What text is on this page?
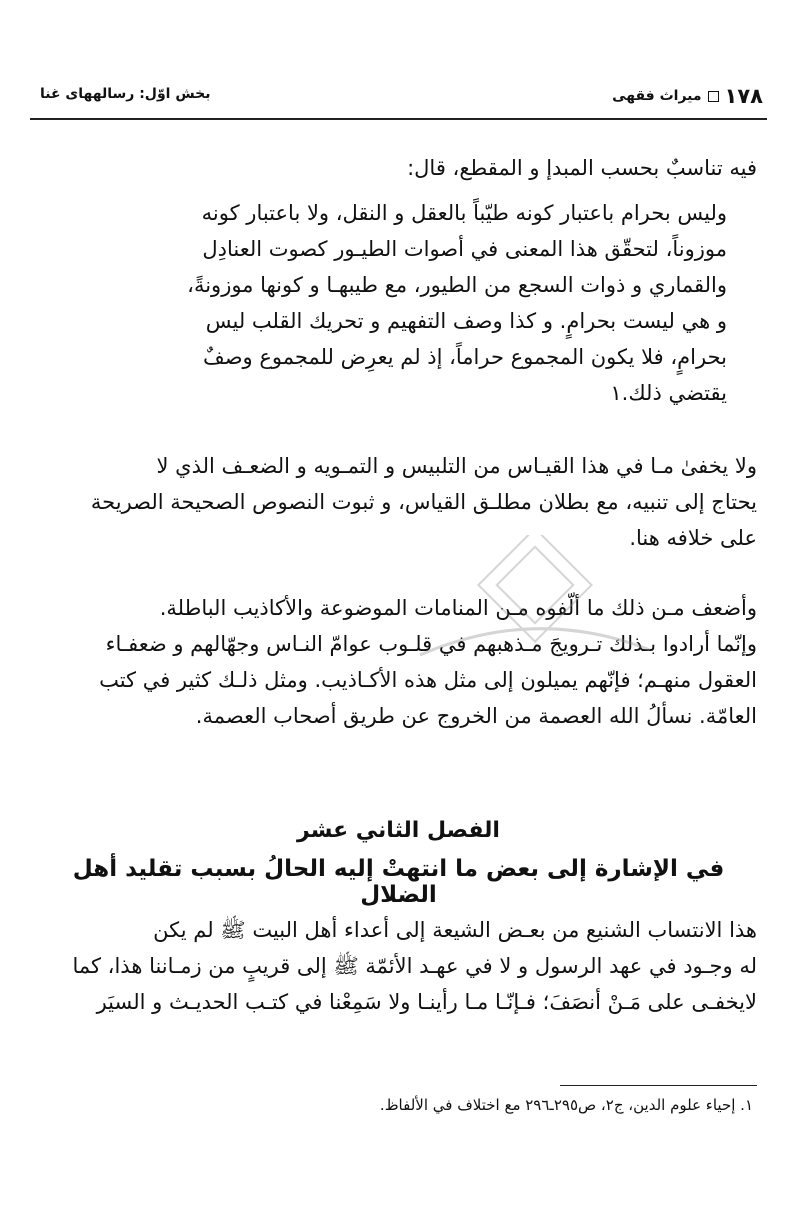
١٧٨
میراث فقهی
بخش اوّل: رسالههای غنا
فيه تناسبٌ بحسب المبدإ و المقطع، قال:
وليس بحرام باعتبار كونه طيّباً بالعقل و النقل، ولا باعتبار كونه
موزوناً، لتحقّق هذا المعنى في أصوات الطيـور كصوت العنادِل
والقماري و ذوات السجع من الطيور، مع طيبهـا و كونها موزونةً،
و هي ليست بحرامٍ. و كذا وصف التفهيم و تحريك القلب ليس
بحرامٍ، فلا يكون المجموع حراماً، إذ لم يعرِض للمجموع وصفٌ
يقتضي ذلك.١
ولا يخفىٰ مـا في هذا القيـاس من التلبيس و التمـويه و الضعـف الذي لا
يحتاج إلى تنبيه، مع بطلان مطلـق القياس، و ثبوت النصوص الصحيحة الصريحة
على خلافه هنا.
وأضعف مـن ذلك ما ألّفوه مـن المنامات الموضوعة والأكاذيب الباطلة.
وإنّما أرادوا بـذلك تـرويجَ مـذهبهم في قلـوب عوامّ النـاس وجهّالهم و ضعفـاء
العقول منهـم؛ فإنّهم يميلون إلى مثل هذه الأكـاذيب. ومثل ذلـك كثير في كتب
العامّة. نسألُ الله العصمة من الخروج عن طريق أصحاب العصمة.
الفصل الثاني عشر
في الإشارة إلى بعض ما انتهتْ إليه الحالُ بسبب تقليد أهل الضلال
هذا الانتساب الشنيع من بعـض الشيعة إلى أعداء أهل البيت ﷺ لم يكن
له وجـود في عهد الرسول و لا في عهـد الأئمّة ﷺ إلى قريبٍ من زمـاننا هذا، كما
لايخفـى على مَـنْ أنصَفَ؛ فـإنّـا مـا رأينـا ولا سَمِعْنا في كتـب الحديـث و السيَر
١. إحياء علوم الدين، ج٢، ص٢٩٥ـ٢٩٦ مع اختلاف في الألفاظ.
